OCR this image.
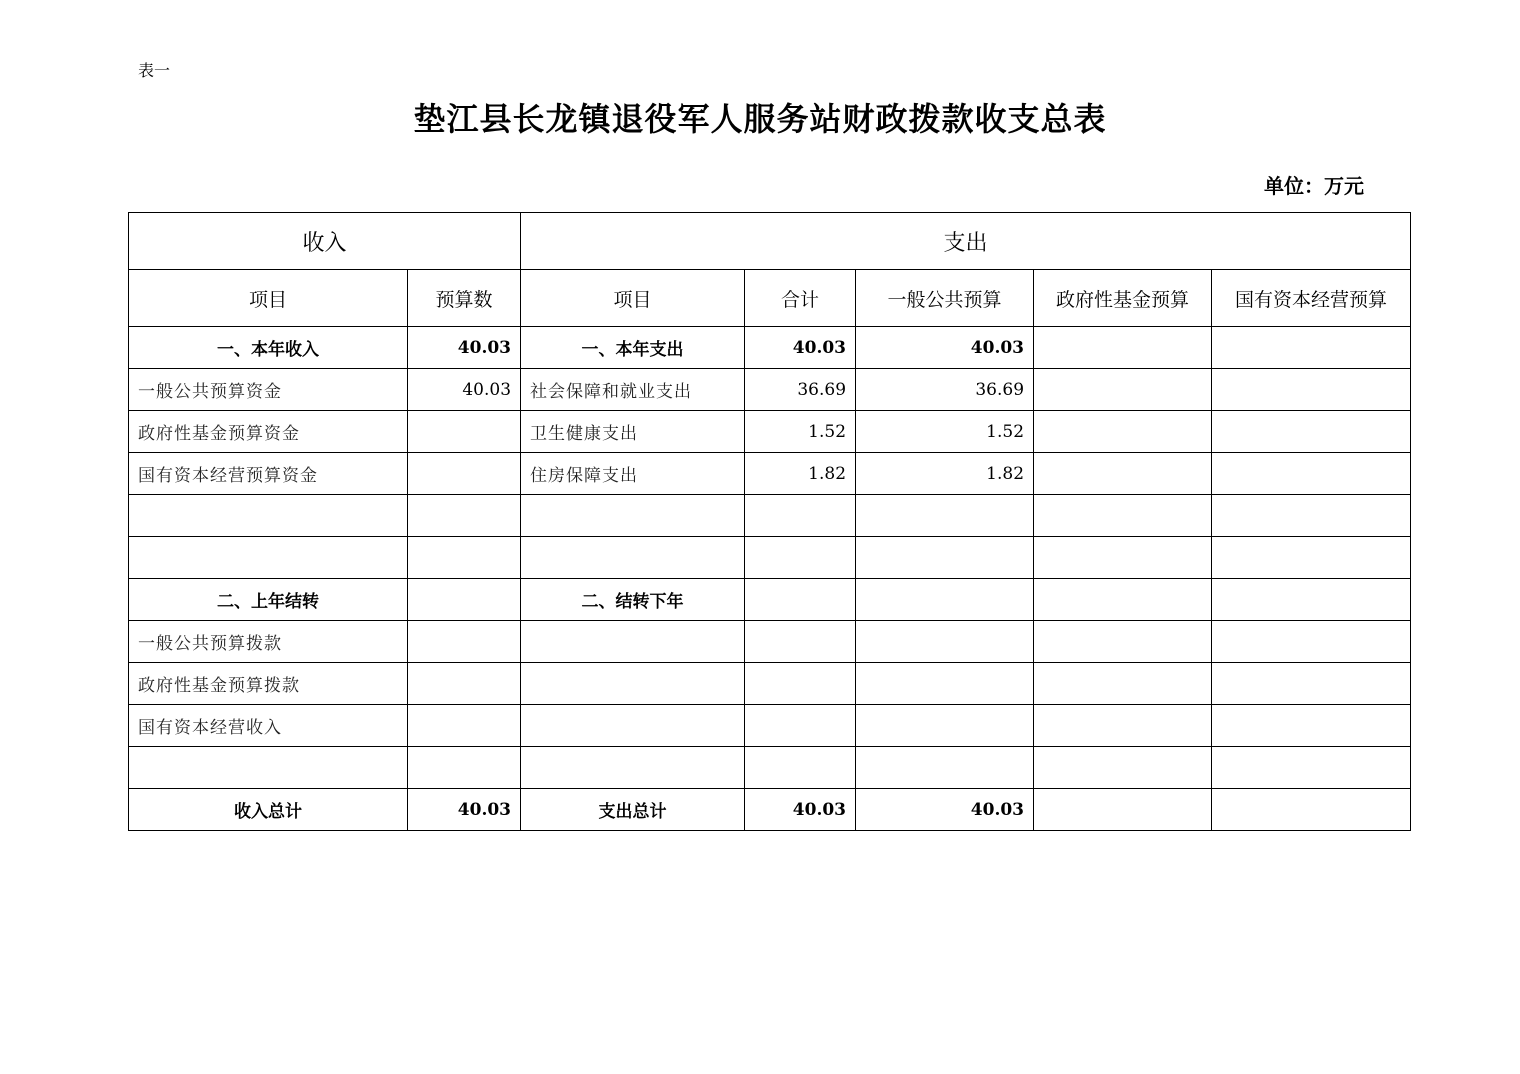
表一
垫江县长龙镇退役军人服务站财政拨款收支总表
单位：万元
收入		支出				
项目	预算数	项目	合计	一般公共预算	政府性基金预算	国有资本经营预算
一、本年收入	40.03	一、本年支出	40.03	40.03		
一般公共预算资金	40.03	社会保障和就业支出	36.69	36.69		
政府性基金预算资金		卫生健康支出	1.52	1.52		
国有资本经营预算资金		住房保障支出	1.82	1.82		

二、上年结转		二、结转下年				
一般公共预算拨款						
政府性基金预算拨款						
国有资本经营收入						

收入总计	40.03	支出总计	40.03	40.03		
